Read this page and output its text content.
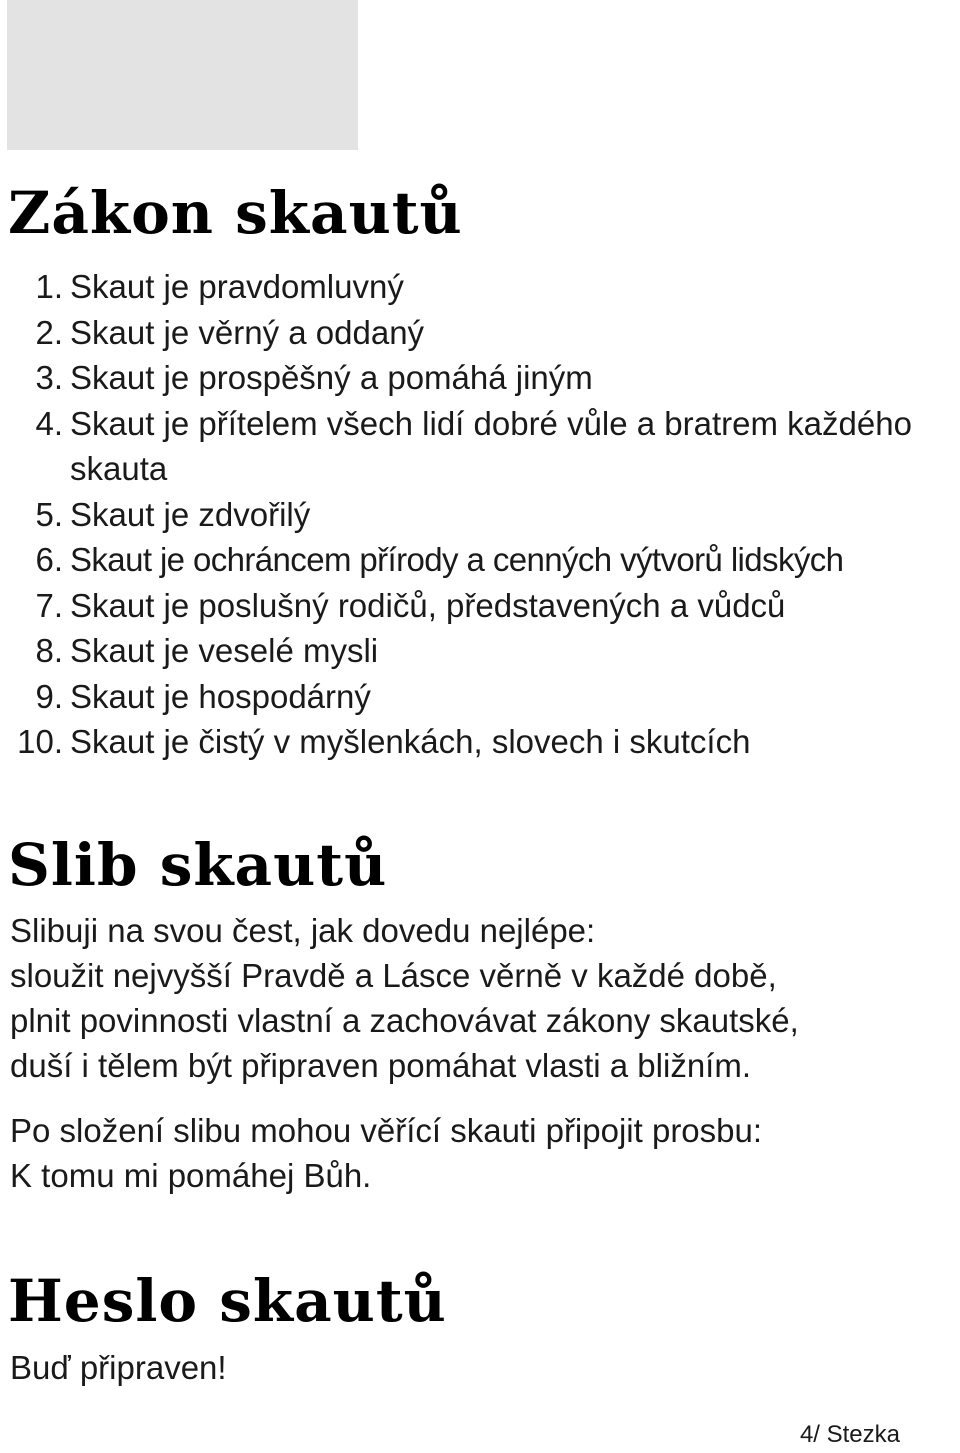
Zákon skautů
1. Skaut je pravdomluvný
2. Skaut je věrný a oddaný
3. Skaut je prospěšný a pomáhá jiným
4. Skaut je přítelem všech lidí dobré vůle a bratrem každého skauta
5. Skaut je zdvořilý
6. Skaut je ochráncem přírody a cenných výtvorů lidských
7. Skaut je poslušný rodičů, představených a vůdců
8. Skaut je veselé mysli
9. Skaut je hospodárný
10. Skaut je čistý v myšlenkách, slovech i skutcích
Slib skautů
Slibuji na svou čest, jak dovedu nejlépe:
sloužit nejvyšší Pravdě a Lásce věrně v každé době,
plnit povinnosti vlastní a zachovávat zákony skautské,
duší i tělem být připraven pomáhat vlasti a bližním.
Po složení slibu mohou věřící skauti připojit prosbu:
K tomu mi pomáhej Bůh.
Heslo skautů
Buď připraven!
4/ Stezka
